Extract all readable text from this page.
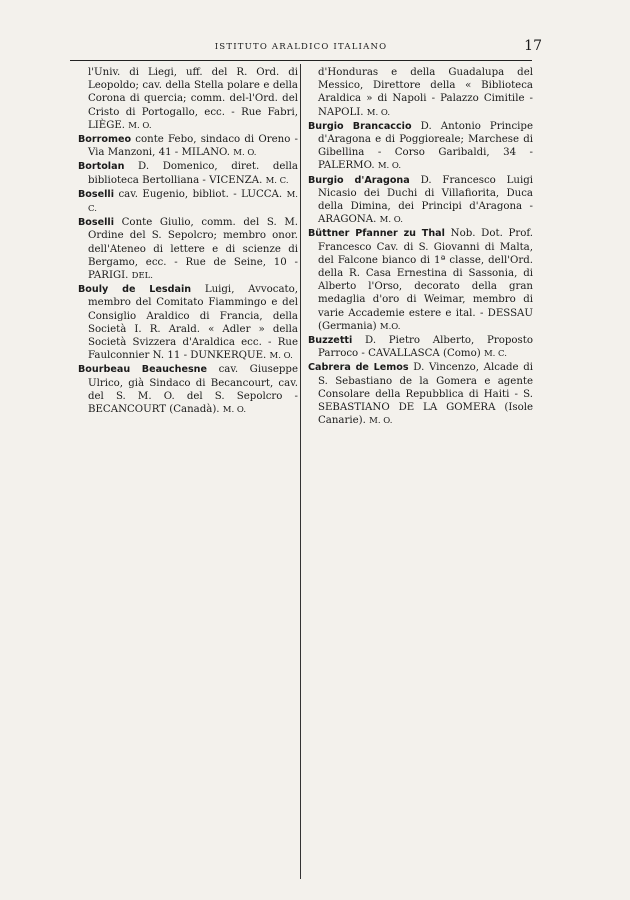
ISTITUTO ARALDICO ITALIANO	17
l'Univ. di Liegi, uff. del R. Ord. di Leopoldo; cav. della Stella polare e della Corona di quercia; comm. del-l'Ord. del Cristo di Portogallo, ecc. - Rue Fabri, LIÈGE. M. O.
Borromeo conte Febo, sindaco di Oreno - Via Manzoni, 41 - MILANO. M. O.
Bortolan D. Domenico, diret. della biblioteca Bertolliana - VICENZA. M. C.
Boselli cav. Eugenio, bibliot. - LUCCA. M. C.
Boselli Conte Giulio, comm. del S. M. Ordine del S. Sepolcro; membro onor. dell'Ateneo di lettere e di scienze di Bergamo, ecc. - Rue de Seine, 10 - PARIGI. DEL.
Bouly de Lesdain Luigi, Avvocato, membro del Comitato Fiammingo e del Consiglio Araldico di Francia, della Società I. R. Arald. « Adler » della Società Svizzera d'Araldica ecc. - Rue Faulconnier N. 11 - DUNKERQUE. M. O.
Bourbeau Beauchesne cav. Giuseppe Ulrico, già Sindaco di Becancourt, cav. del S. M. O. del S. Sepolcro - BECANCOURT (Canadà). M. O.
d'Honduras e della Guadalupa del Messico, Direttore della « Biblioteca Araldica » di Napoli - Palazzo Cimitile - NAPOLI. M. O.
Burgio Brancaccio D. Antonio Principe d'Aragona e di Poggioreale; Marchese di Gibellina - Corso Garibaldi, 34 - PALERMO. M. O.
Burgio d'Aragona D. Francesco Luigi Nicasio dei Duchi di Villafiorita, Duca della Dimina, dei Principi d'Aragona - ARAGONA. M. O.
Büttner Pfanner zu Thal Nob. Dot. Prof. Francesco Cav. di S. Giovanni di Malta, del Falcone bianco di 1ª classe, dell'Ord. della R. Casa Ernestina di Sassonia, di Alberto l'Orso, decorato della gran medaglia d'oro di Weimar, membro di varie Accademie estere e ital. - DESSAU (Germania) M.O.
Buzzetti D. Pietro Alberto, Proposto Parroco - CAVALLASCA (Como) M. C.
Cabrera de Lemos D. Vincenzo, Alcade di S. Sebastiano de la Gomera e agente Consolare della Repubblica di Haiti - S. SEBASTIANO DE LA GOMERA (Isole Canarie). M. O.
